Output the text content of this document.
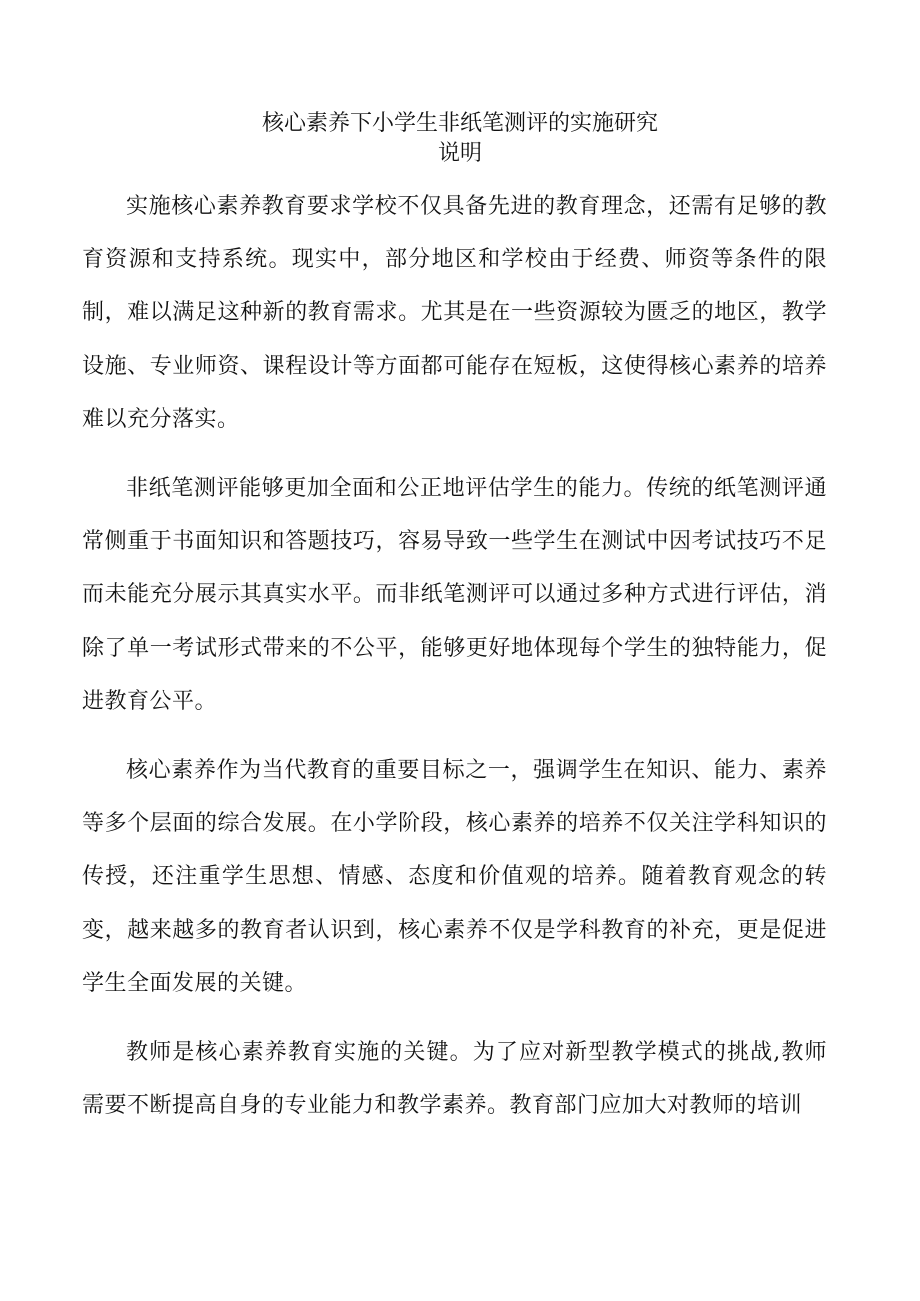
核心素养下小学生非纸笔测评的实施研究
说明

实施核心素养教育要求学校不仅具备先进的教育理念，还需有足够的教育资源和支持系统。现实中，部分地区和学校由于经费、师资等条件的限制，难以满足这种新的教育需求。尤其是在一些资源较为匮乏的地区，教学设施、专业师资、课程设计等方面都可能存在短板，这使得核心素养的培养难以充分落实。

非纸笔测评能够更加全面和公正地评估学生的能力。传统的纸笔测评通常侧重于书面知识和答题技巧，容易导致一些学生在测试中因考试技巧不足而未能充分展示其真实水平。而非纸笔测评可以通过多种方式进行评估，消除了单一考试形式带来的不公平，能够更好地体现每个学生的独特能力，促进教育公平。

核心素养作为当代教育的重要目标之一，强调学生在知识、能力、素养等多个层面的综合发展。在小学阶段，核心素养的培养不仅关注学科知识的传授，还注重学生思想、情感、态度和价值观的培养。随着教育观念的转变，越来越多的教育者认识到，核心素养不仅是学科教育的补充，更是促进学生全面发展的关键。

教师是核心素养教育实施的关键。为了应对新型教学模式的挑战,教师需要不断提高自身的专业能力和教学素养。教育部门应加大对教师的培训
